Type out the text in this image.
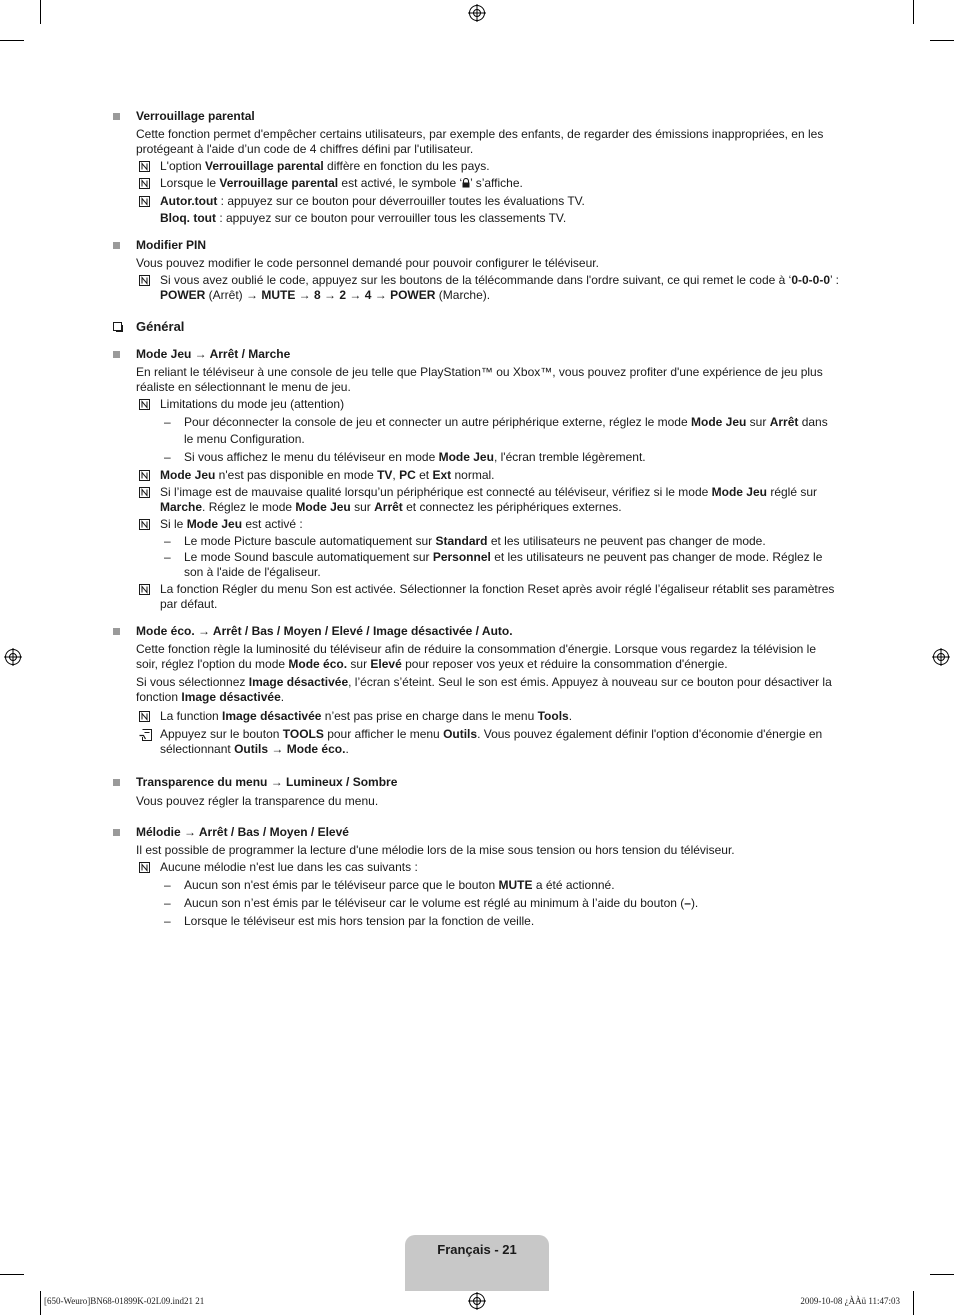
Verrouillage parental
Cette fonction permet d'empêcher certains utilisateurs, par exemple des enfants, de regarder des émissions inappropriées, en les protégeant à l'aide d’un code de 4 chiffres défini par l'utilisateur.
L'option Verrouillage parental diffère en fonction du les pays.
Lorsque le Verrouillage parental est activé, le symbole ‘ ’ s’affiche.
Autor.tout : appuyez sur ce bouton pour déverrouiller toutes les évaluations TV.
Bloq. tout : appuyez sur ce bouton pour verrouiller tous les classements TV.
Modifier PIN
Vous pouvez modifier le code personnel demandé pour pouvoir configurer le téléviseur.
Si vous avez oublié le code, appuyez sur les boutons de la télécommande dans l'ordre suivant, ce qui remet le code à ‘0-0-0-0’ : POWER (Arrêt) → MUTE → 8 → 2 → 4 → POWER (Marche).
Général
Mode Jeu → Arrêt / Marche
En reliant le téléviseur à une console de jeu telle que PlayStation™ ou Xbox™, vous pouvez profiter d'une expérience de jeu plus réaliste en sélectionnant le menu de jeu.
Limitations du mode jeu (attention)
– Pour déconnecter la console de jeu et connecter un autre périphérique externe, réglez le mode Mode Jeu sur Arrêt dans le menu Configuration.
– Si vous affichez le menu du téléviseur en mode Mode Jeu, l'écran tremble légèrement.
Mode Jeu n'est pas disponible en mode TV, PC et Ext normal.
Si l’image est de mauvaise qualité lorsqu’un périphérique est connecté au téléviseur, vérifiez si le mode Mode Jeu réglé sur Marche. Réglez le mode Mode Jeu sur Arrêt et connectez les périphériques externes.
Si le Mode Jeu est activé :
– Le mode Picture bascule automatiquement sur Standard et les utilisateurs ne peuvent pas changer de mode.
– Le mode Sound bascule automatiquement sur Personnel et les utilisateurs ne peuvent pas changer de mode. Réglez le son à l'aide de l'égaliseur.
La fonction Régler du menu Son est activée. Sélectionner la fonction Reset après avoir réglé l’égaliseur rétablit ses paramètres par défaut.
Mode éco. → Arrêt / Bas / Moyen / Elevé / Image désactivée / Auto.
Cette fonction règle la luminosité du téléviseur afin de réduire la consommation d'énergie. Lorsque vous regardez la télévision le soir, réglez l'option du mode Mode éco. sur Elevé pour reposer vos yeux et réduire la consommation d'énergie.
Si vous sélectionnez Image désactivée, l’écran s’éteint. Seul le son est émis. Appuyez à nouveau sur ce bouton pour désactiver la fonction Image désactivée.
La function Image désactivée n’est pas prise en charge dans le menu Tools.
Appuyez sur le bouton TOOLS pour afficher le menu Outils. Vous pouvez également définir l'option d'économie d'énergie en sélectionnant Outils → Mode éco..
Transparence du menu → Lumineux / Sombre
Vous pouvez régler la transparence du menu.
Mélodie → Arrêt / Bas / Moyen / Elevé
Il est possible de programmer la lecture d'une mélodie lors de la mise sous tension ou hors tension du téléviseur.
Aucune mélodie n'est lue dans les cas suivants :
– Aucun son n'est émis par le téléviseur parce que le bouton MUTE a été actionné.
– Aucun son n’est émis par le téléviseur car le volume est réglé au minimum à l’aide du bouton (–).
– Lorsque le téléviseur est mis hors tension par la fonction de veille.
Français - 21
[650-Weuro]BN68-01899K-02L09.ind21 21	2009-10-08 ¿ÀÀü 11:47:03
